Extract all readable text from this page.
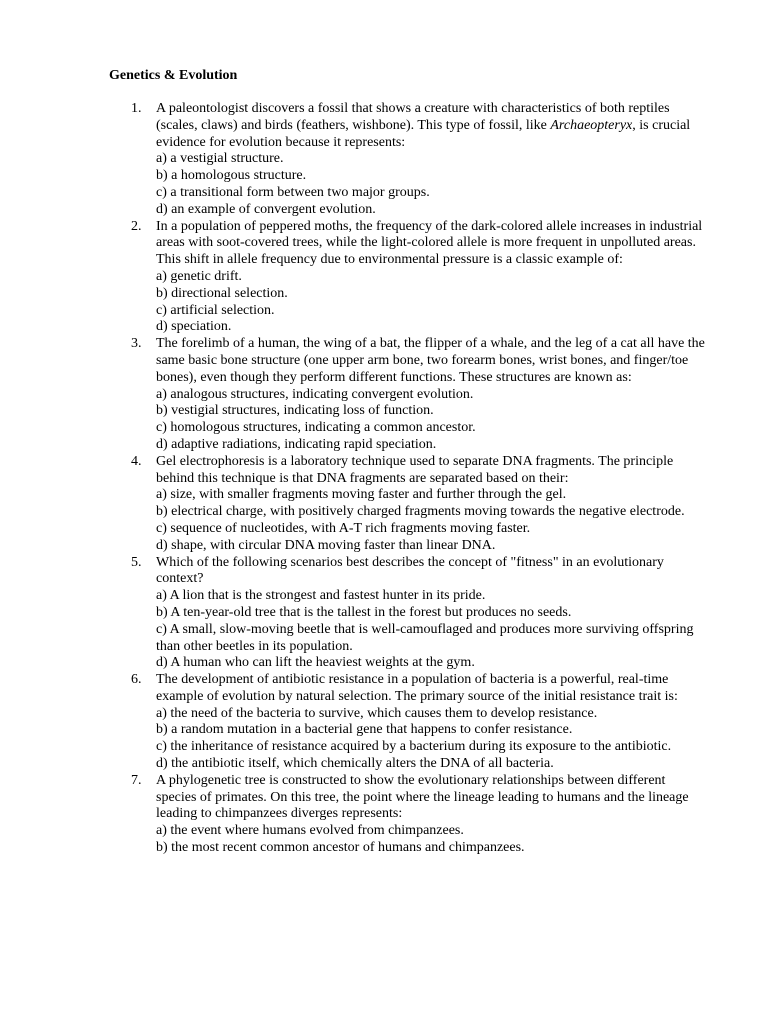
Genetics & Evolution
1. A paleontologist discovers a fossil that shows a creature with characteristics of both reptiles (scales, claws) and birds (feathers, wishbone). This type of fossil, like Archaeopteryx, is crucial evidence for evolution because it represents:
a) a vestigial structure.
b) a homologous structure.
c) a transitional form between two major groups.
d) an example of convergent evolution.
2. In a population of peppered moths, the frequency of the dark-colored allele increases in industrial areas with soot-covered trees, while the light-colored allele is more frequent in unpolluted areas. This shift in allele frequency due to environmental pressure is a classic example of:
a) genetic drift.
b) directional selection.
c) artificial selection.
d) speciation.
3. The forelimb of a human, the wing of a bat, the flipper of a whale, and the leg of a cat all have the same basic bone structure (one upper arm bone, two forearm bones, wrist bones, and finger/toe bones), even though they perform different functions. These structures are known as:
a) analogous structures, indicating convergent evolution.
b) vestigial structures, indicating loss of function.
c) homologous structures, indicating a common ancestor.
d) adaptive radiations, indicating rapid speciation.
4. Gel electrophoresis is a laboratory technique used to separate DNA fragments. The principle behind this technique is that DNA fragments are separated based on their:
a) size, with smaller fragments moving faster and further through the gel.
b) electrical charge, with positively charged fragments moving towards the negative electrode.
c) sequence of nucleotides, with A-T rich fragments moving faster.
d) shape, with circular DNA moving faster than linear DNA.
5. Which of the following scenarios best describes the concept of "fitness" in an evolutionary context?
a) A lion that is the strongest and fastest hunter in its pride.
b) A ten-year-old tree that is the tallest in the forest but produces no seeds.
c) A small, slow-moving beetle that is well-camouflaged and produces more surviving offspring than other beetles in its population.
d) A human who can lift the heaviest weights at the gym.
6. The development of antibiotic resistance in a population of bacteria is a powerful, real-time example of evolution by natural selection. The primary source of the initial resistance trait is:
a) the need of the bacteria to survive, which causes them to develop resistance.
b) a random mutation in a bacterial gene that happens to confer resistance.
c) the inheritance of resistance acquired by a bacterium during its exposure to the antibiotic.
d) the antibiotic itself, which chemically alters the DNA of all bacteria.
7. A phylogenetic tree is constructed to show the evolutionary relationships between different species of primates. On this tree, the point where the lineage leading to humans and the lineage leading to chimpanzees diverges represents:
a) the event where humans evolved from chimpanzees.
b) the most recent common ancestor of humans and chimpanzees.
